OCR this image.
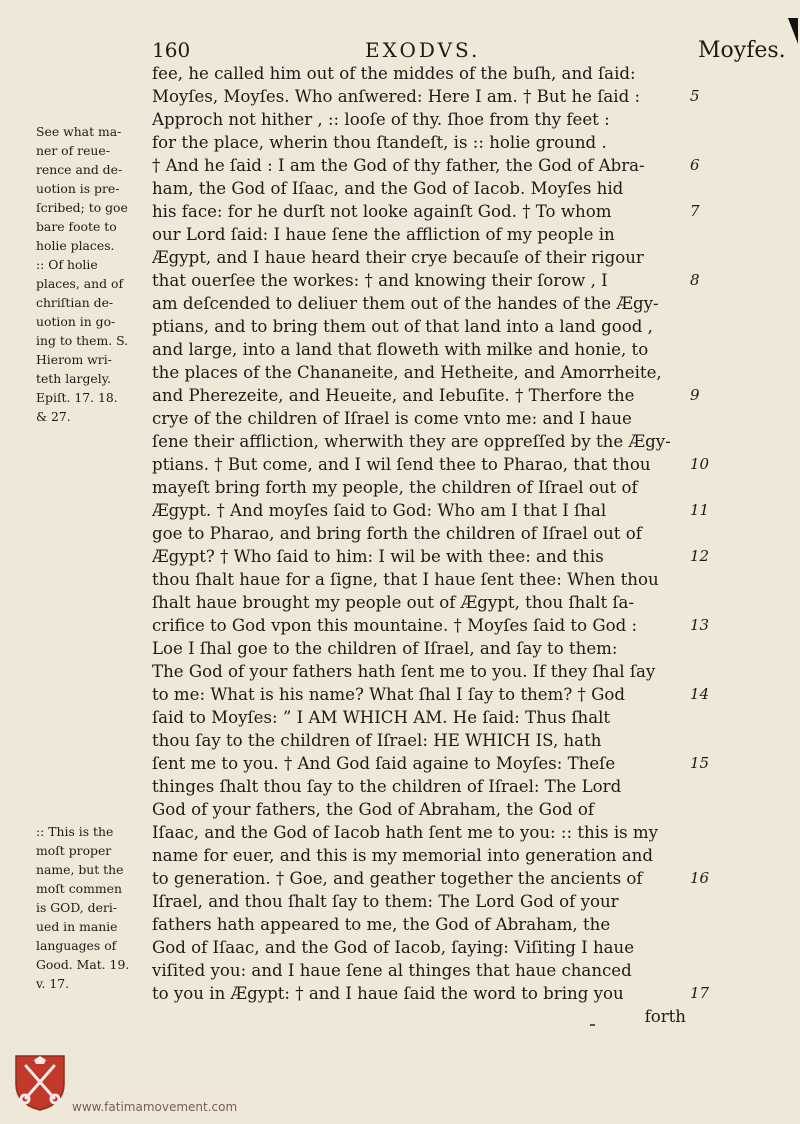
160	EXODVS.	Moyfes.
fee, he called him out of the middes of the buſh, and ſaid:
Moyſes, Moyſes. Who anſwered: Here I am. † But he ſaid :
Approch not hither , :: looſe of thy. ſhoe from thy feet :
for the place, wherin thou ſtandeſt, is :: holie ground .
† And he ſaid : I am the God of thy father, the God of Abra-
ham, the God of Iſaac, and the God of Iacob. Moyſes hid
his face: for he durſt not looke againſt God. † To whom
our Lord ſaid: I haue ſene the affliction of my people in
Ægypt, and I haue heard their crye becauſe of their rigour
that ouerſee the workes: † and knowing their ſorow , I
am deſcended to deliuer them out of the handes of the Ægy-
ptians, and to bring them out of that land into a land good ,
and large, into a land that floweth with milke and honie, to
the places of the Chananeite, and Hetheite, and Amorrheite,
and Pherezeite, and Heueite, and Iebuſite. † Therfore the
crye of the children of Iſrael is come vnto me: and I haue
ſene their affliction, wherwith they are oppreſſed by the Ægy-
ptians. † But come, and I wil ſend thee to Pharao, that thou
mayeſt bring forth my people, the children of Iſrael out of
Ægypt. † And moyſes ſaid to God: Who am I that I ſhal
goe to Pharao, and bring forth the children of Iſrael out of
Ægypt? † Who ſaid to him: I wil be with thee: and this
thou ſhalt haue for a ſigne, that I haue ſent thee: When thou
ſhalt haue brought my people out of Ægypt, thou ſhalt ſa-
crifice to God vpon this mountaine. † Moyſes ſaid to God :
Loe I ſhal goe to the children of Iſrael, and ſay to them:
The God of your fathers hath ſent me to you. If they ſhal ſay
to me: What is his name? What ſhal I ſay to them? † God
ſaid to Moyſes: ” I AM WHICH AM. He ſaid: Thus ſhalt
thou ſay to the children of Iſrael: HE WHICH IS, hath
ſent me to you. † And God ſaid againe to Moyſes: Theſe
thinges ſhalt thou ſay to the children of Iſrael: The Lord
God of your fathers, the God of Abraham, the God of
Iſaac, and the God of Iacob hath ſent me to you: :: this is my
name for euer, and this is my memorial into generation and
to generation. † Goe, and geather together the ancients of
Iſrael, and thou ſhalt ſay to them: The Lord God of your
fathers hath appeared to me, the God of Abraham, the
God of Iſaac, and the God of Iacob, ſaying: Viſiting I haue
viſited you: and I haue ſene al thinges that haue chanced
to you in Ægypt: † and I haue ſaid the word to bring you
forth
5
6
7
8
9
10
11
12
13
14
15
16
17
See what ma-
ner of reue-
rence and de-
uotion is pre-
ſcribed; to goe
bare foote to
holie places.
:: Of holie
places, and of
chriſtian de-
uotion in go-
ing to them. S.
Hierom wri-
teth largely.
Epiſt. 17. 18.
& 27.
:: This is the
moſt proper
name, but the
moſt commen
is GOD, deri-
ued in manie
languages of
Good. Mat. 19.
v. 17.
www.fatimamovement.com
